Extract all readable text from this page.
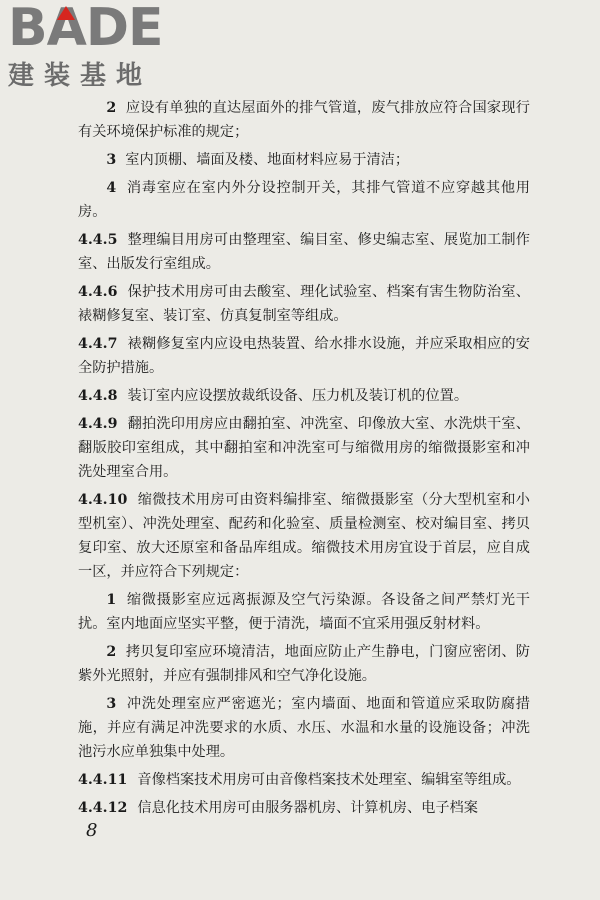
BA
DE
建装基地

2 应设有单独的直达屋面外的排气管道，废气排放应符合国家现行有关环境保护标准的规定；

3 室内顶棚、墙面及楼、地面材料应易于清洁；

4 消毒室应在室内外分设控制开关，其排气管道不应穿越其他用房。

4.4.5 整理编目用房可由整理室、编目室、修史编志室、展览加工制作室、出版发行室组成。

4.4.6 保护技术用房可由去酸室、理化试验室、档案有害生物防治室、裱糊修复室、装订室、仿真复制室等组成。

4.4.7 裱糊修复室内应设电热装置、给水排水设施，并应采取相应的安全防护措施。

4.4.8 装订室内应设摆放裁纸设备、压力机及装订机的位置。

4.4.9 翻拍洗印用房应由翻拍室、冲洗室、印像放大室、水洗烘干室、翻版胶印室组成，其中翻拍室和冲洗室可与缩微用房的缩微摄影室和冲洗处理室合用。

4.4.10 缩微技术用房可由资料编排室、缩微摄影室（分大型机室和小型机室）、冲洗处理室、配药和化验室、质量检测室、校对编目室、拷贝复印室、放大还原室和备品库组成。缩微技术用房宜设于首层，应自成一区，并应符合下列规定：

1 缩微摄影室应远离振源及空气污染源。各设备之间严禁灯光干扰。室内地面应坚实平整，便于清洗，墙面不宜采用强反射材料。

2 拷贝复印室应环境清洁，地面应防止产生静电，门窗应密闭、防紫外光照射，并应有强制排风和空气净化设施。

3 冲洗处理室应严密遮光；室内墙面、地面和管道应采取防腐措施，并应有满足冲洗要求的水质、水压、水温和水量的设施设备；冲洗池污水应单独集中处理。

4.4.11 音像档案技术用房可由音像档案技术处理室、编辑室等组成。

4.4.12 信息化技术用房可由服务器机房、计算机房、电子档案

8
